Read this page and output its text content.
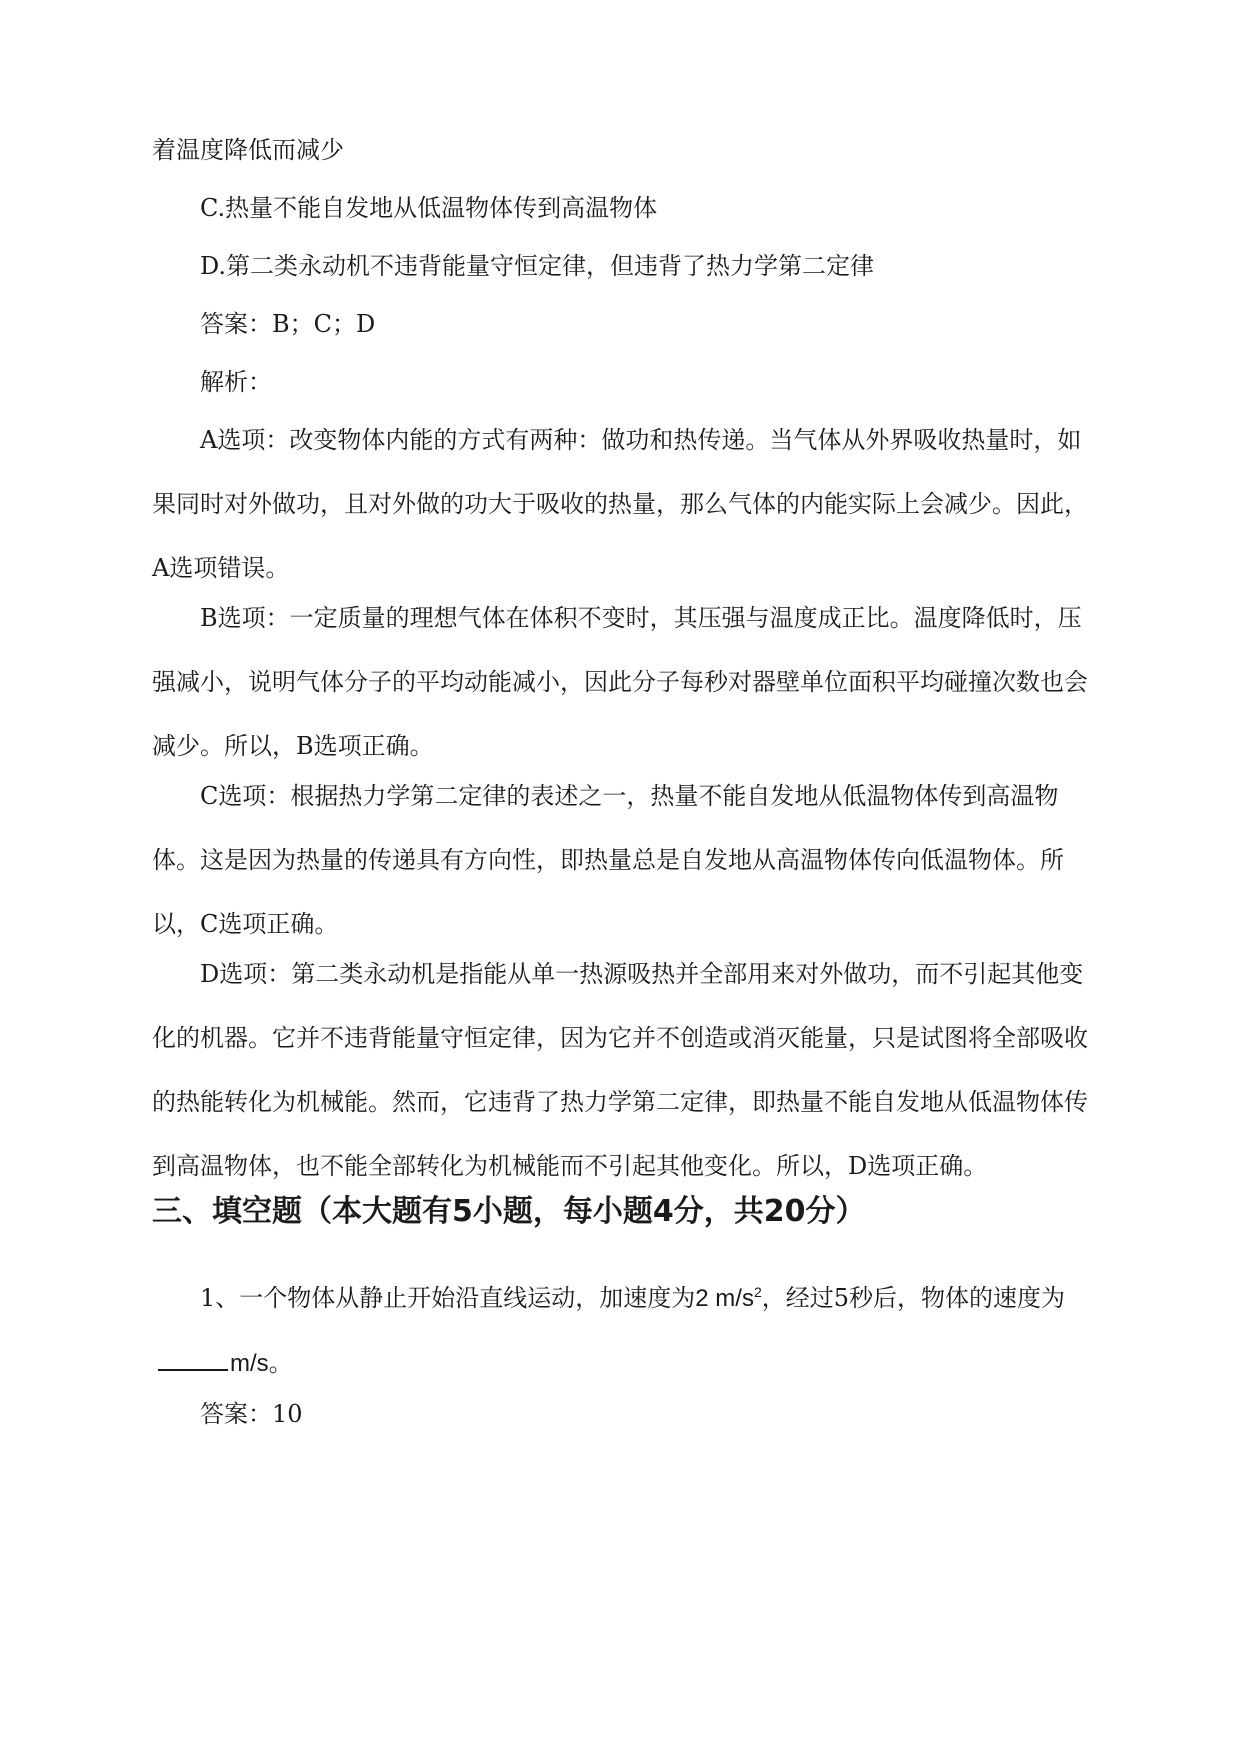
着温度降低而减少

C.热量不能自发地从低温物体传到高温物体

D.第二类永动机不违背能量守恒定律，但违背了热力学第二定律

答案：B；C；D

解析：

A选项：改变物体内能的方式有两种：做功和热传递。当气体从外界吸收热量时，如果同时对外做功，且对外做的功大于吸收的热量，那么气体的内能实际上会减少。因此，A选项错误。

B选项：一定质量的理想气体在体积不变时，其压强与温度成正比。温度降低时，压强减小，说明气体分子的平均动能减小，因此分子每秒对器壁单位面积平均碰撞次数也会减少。所以，B选项正确。

C选项：根据热力学第二定律的表述之一，热量不能自发地从低温物体传到高温物体。这是因为热量的传递具有方向性，即热量总是自发地从高温物体传向低温物体。所以，C选项正确。

D选项：第二类永动机是指能从单一热源吸热并全部用来对外做功，而不引起其他变化的机器。它并不违背能量守恒定律，因为它并不创造或消灭能量，只是试图将全部吸收的热能转化为机械能。然而，它违背了热力学第二定律，即热量不能自发地从低温物体传到高温物体，也不能全部转化为机械能而不引起其他变化。所以，D选项正确。

三、填空题（本大题有5小题，每小题4分，共20分）

1、一个物体从静止开始沿直线运动，加速度为2 $m/s^2$，经过5秒后，物体的速度为m/s。

答案：10
